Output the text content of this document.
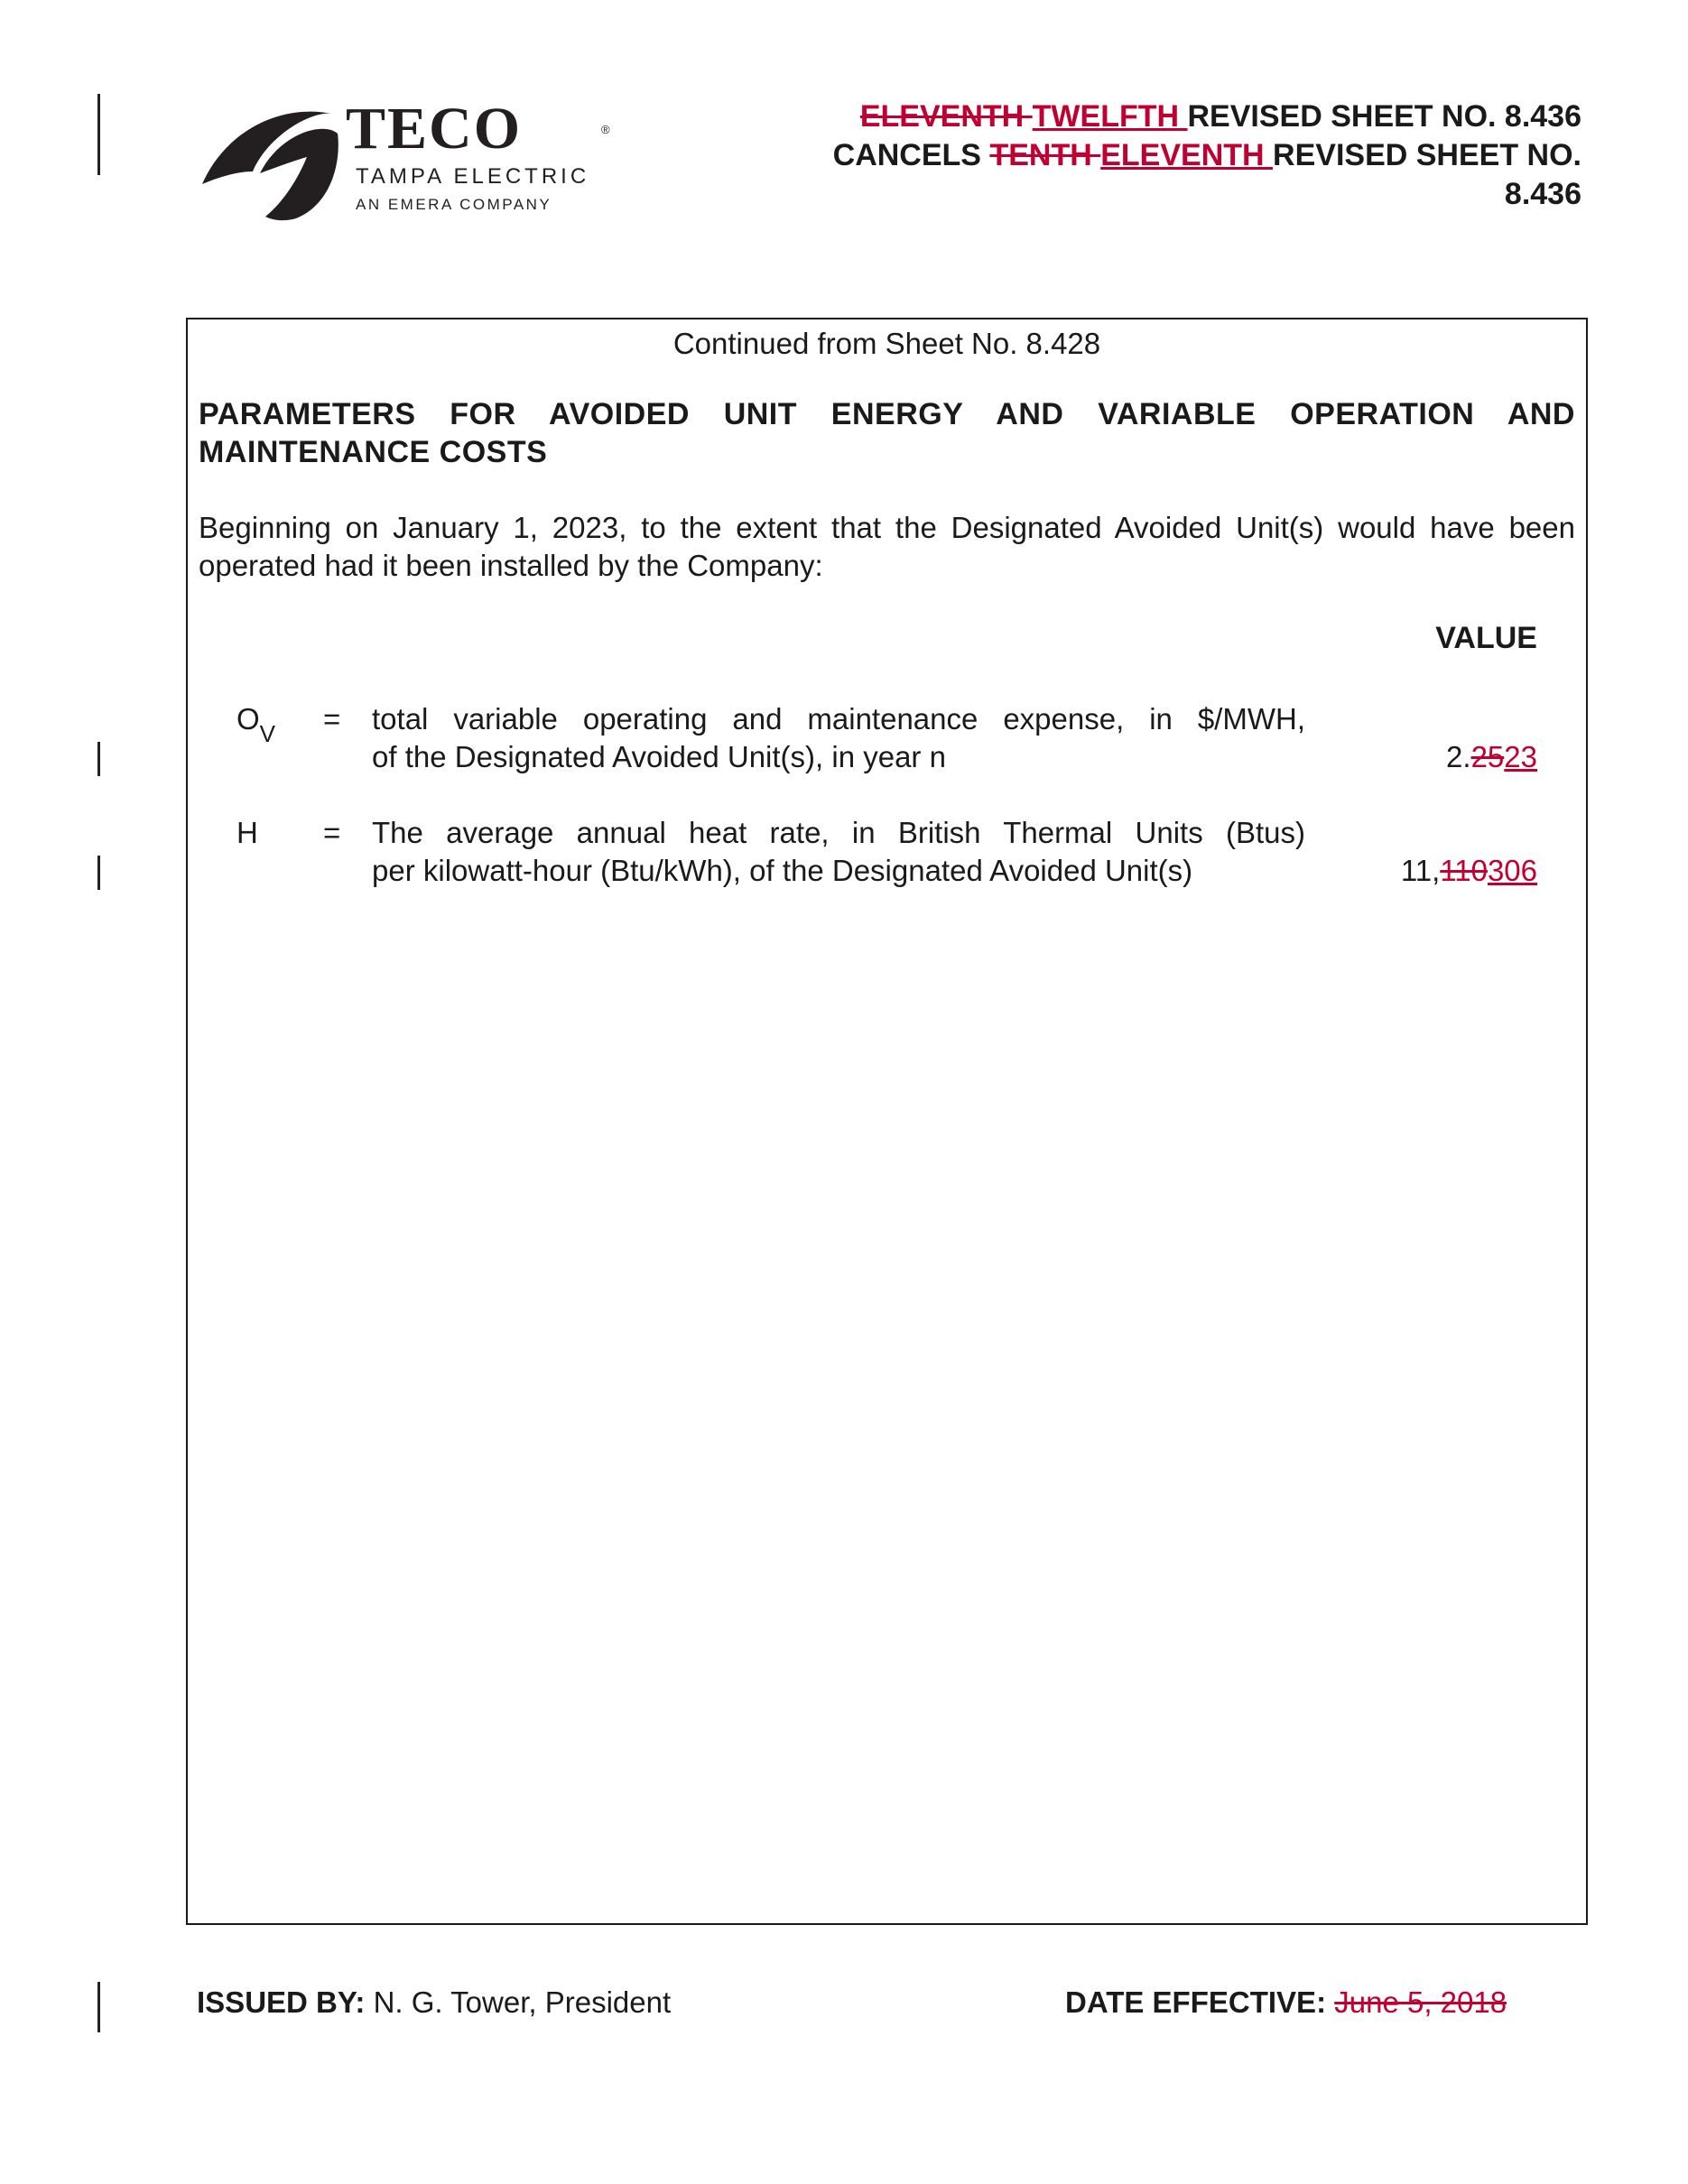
TECO	®
TAMPA ELECTRIC
AN EMERA COMPANY
ELEVENTH TWELFTH REVISED SHEET NO. 8.436
CANCELS TENTH ELEVENTH REVISED SHEET NO.
8.436
Continued from Sheet No. 8.428
PARAMETERS FOR AVOIDED UNIT ENERGY AND VARIABLE OPERATION AND MAINTENANCE COSTS
Beginning on January 1, 2023, to the extent that the Designated Avoided Unit(s) would have been operated had it been installed by the Company:
VALUE
$O_V$ = total variable operating and maintenance expense, in $/MWH,
of the Designated Avoided Unit(s), in year n	2.2523
H = The average annual heat rate, in British Thermal Units (Btus)
per kilowatt-hour (Btu/kWh), of the Designated Avoided Unit(s)	11,110306
ISSUED BY: N. G. Tower, President	DATE EFFECTIVE: June 5, 2018
